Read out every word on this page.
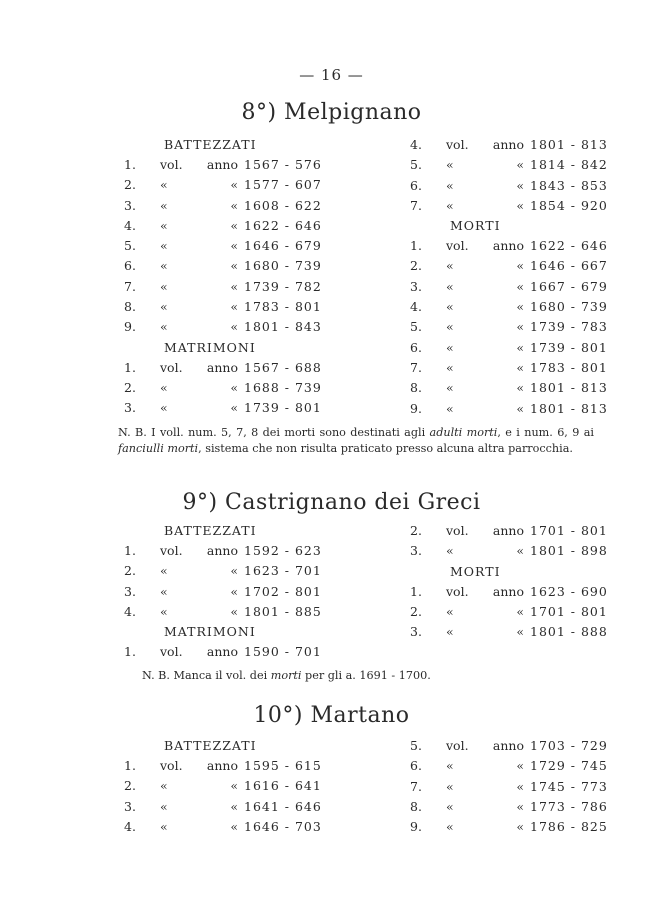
— 16 —
8°) Melpignano
BATTEZZATI
1.	vol.	anno 1567 - 576
2.	«	« 1577 - 607
3.	«	« 1608 - 622
4.	«	« 1622 - 646
5.	«	« 1646 - 679
6.	«	« 1680 - 739
7.	«	« 1739 - 782
8.	«	« 1783 - 801
9.	«	« 1801 - 843
MATRIMONI
1.	vol.	anno 1567 - 688
2.	«	« 1688 - 739
3.	«	« 1739 - 801
4.	vol.	anno 1801 - 813
5.	«	« 1814 - 842
6.	«	« 1843 - 853
7.	«	« 1854 - 920
MORTI
1.	vol.	anno 1622 - 646
2.	«	« 1646 - 667
3.	«	« 1667 - 679
4.	«	« 1680 - 739
5.	«	« 1739 - 783
6.	«	« 1739 - 801
7.	«	« 1783 - 801
8.	«	« 1801 - 813
9.	«	« 1801 - 813
N. B. I voll. num. 5, 7, 8 dei morti sono destinati agli adulti morti, e i num. 6, 9 ai fanciulli morti, sistema che non risulta praticato presso alcuna altra parrocchia.
9°) Castrignano dei Greci
BATTEZZATI
1.	vol.	anno 1592 - 623
2.	«	« 1623 - 701
3.	«	« 1702 - 801
4.	«	« 1801 - 885
MATRIMONI
1.	vol.	anno 1590 - 701
2.	vol.	anno 1701 - 801
3.	«	« 1801 - 898
MORTI
1.	vol.	anno 1623 - 690
2.	«	« 1701 - 801
3.	«	« 1801 - 888
N. B. Manca il vol. dei morti per gli a. 1691 - 1700.
10°) Martano
BATTEZZATI
1.	vol.	anno 1595 - 615
2.	«	« 1616 - 641
3.	«	« 1641 - 646
4.	«	« 1646 - 703
5.	vol.	anno 1703 - 729
6.	«	« 1729 - 745
7.	«	« 1745 - 773
8.	«	« 1773 - 786
9.	«	« 1786 - 825
